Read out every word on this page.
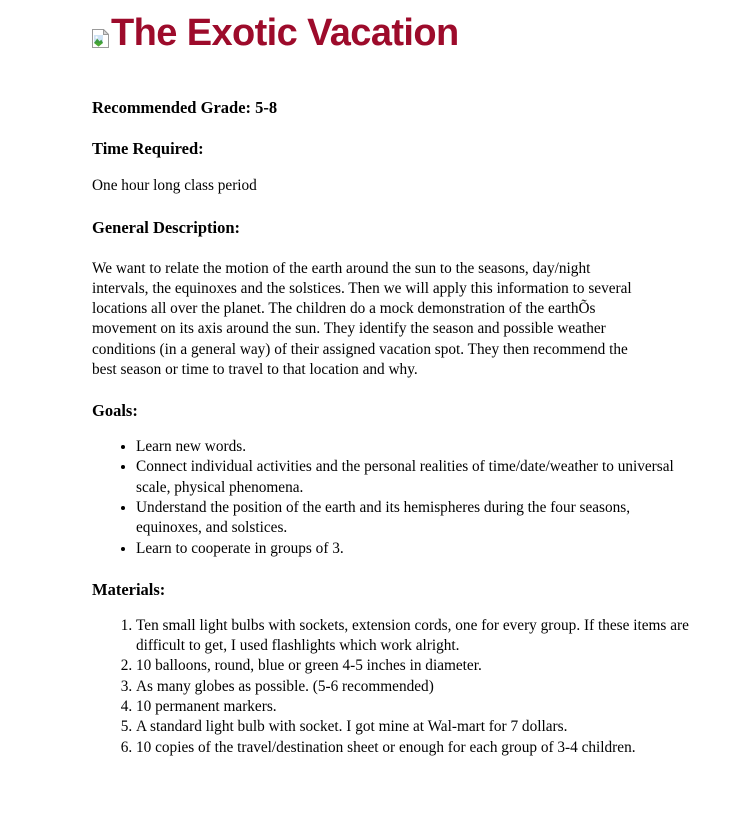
The Exotic Vacation
Recommended Grade: 5-8
Time Required:

One hour long class period

General Description:

We want to relate the motion of the earth around the sun to the seasons, day/night intervals, the equinoxes and the solstices. Then we will apply this information to several locations all over the planet. The children do a mock demonstration of the earthÕs movement on its axis around the sun. They identify the season and possible weather conditions (in a general way) of their assigned vacation spot. They then recommend the best season or time to travel to that location and why.

Goals:
• Learn new words.
• Connect individual activities and the personal realities of time/date/weather to universal scale, physical phenomena.
• Understand the position of the earth and its hemispheres during the four seasons, equinoxes, and solstices.
• Learn to cooperate in groups of 3.
Materials:
1. Ten small light bulbs with sockets, extension cords, one for every group. If these items are difficult to get, I used flashlights which work alright.
2. 10 balloons, round, blue or green 4-5 inches in diameter.
3. As many globes as possible. (5-6 recommended)
4. 10 permanent markers.
5. A standard light bulb with socket. I got mine at Wal-mart for 7 dollars.
6. 10 copies of the travel/destination sheet or enough for each group of 3-4 children.
